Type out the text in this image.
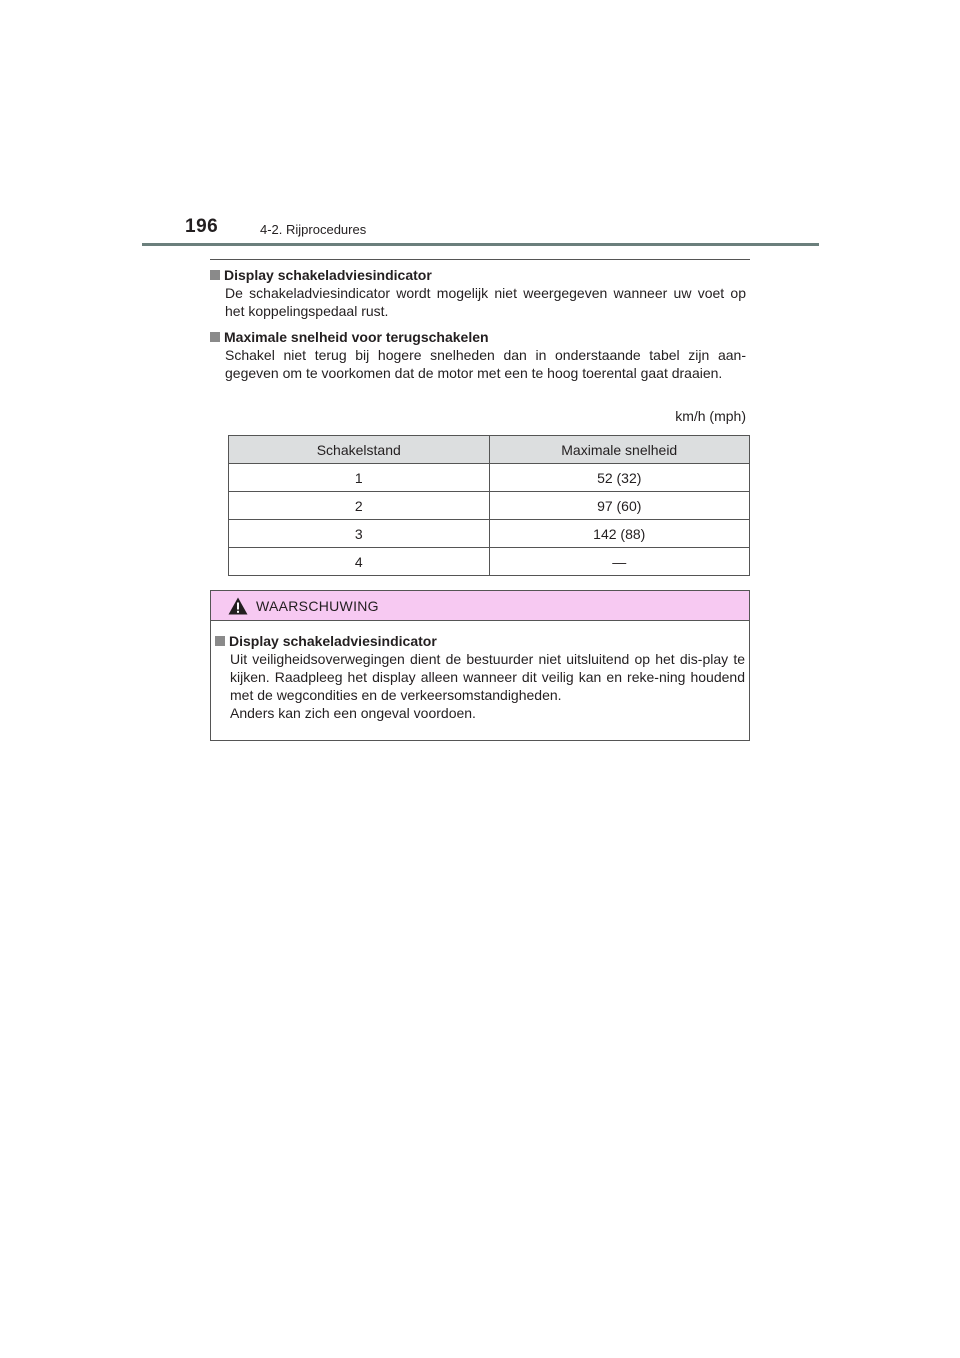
196	4-2. Rijprocedures
Display schakeladviesindicator
De schakeladviesindicator wordt mogelijk niet weergegeven wanneer uw voet op het koppelingspedaal rust.
Maximale snelheid voor terugschakelen
Schakel niet terug bij hogere snelheden dan in onderstaande tabel zijn aan-gegeven om te voorkomen dat de motor met een te hoog toerental gaat draaien.
km/h (mph)
Schakelstand	Maximale snelheid
1	52 (32)
2	97 (60)
3	142 (88)
4	—
WAARSCHUWING
Display schakeladviesindicator

Uit veiligheidsoverwegingen dient de bestuurder niet uitsluitend op het dis-play te kijken. Raadpleeg het display alleen wanneer dit veilig kan en reke-ning houdend met de wegcondities en de verkeersomstandigheden.

Anders kan zich een ongeval voordoen.
